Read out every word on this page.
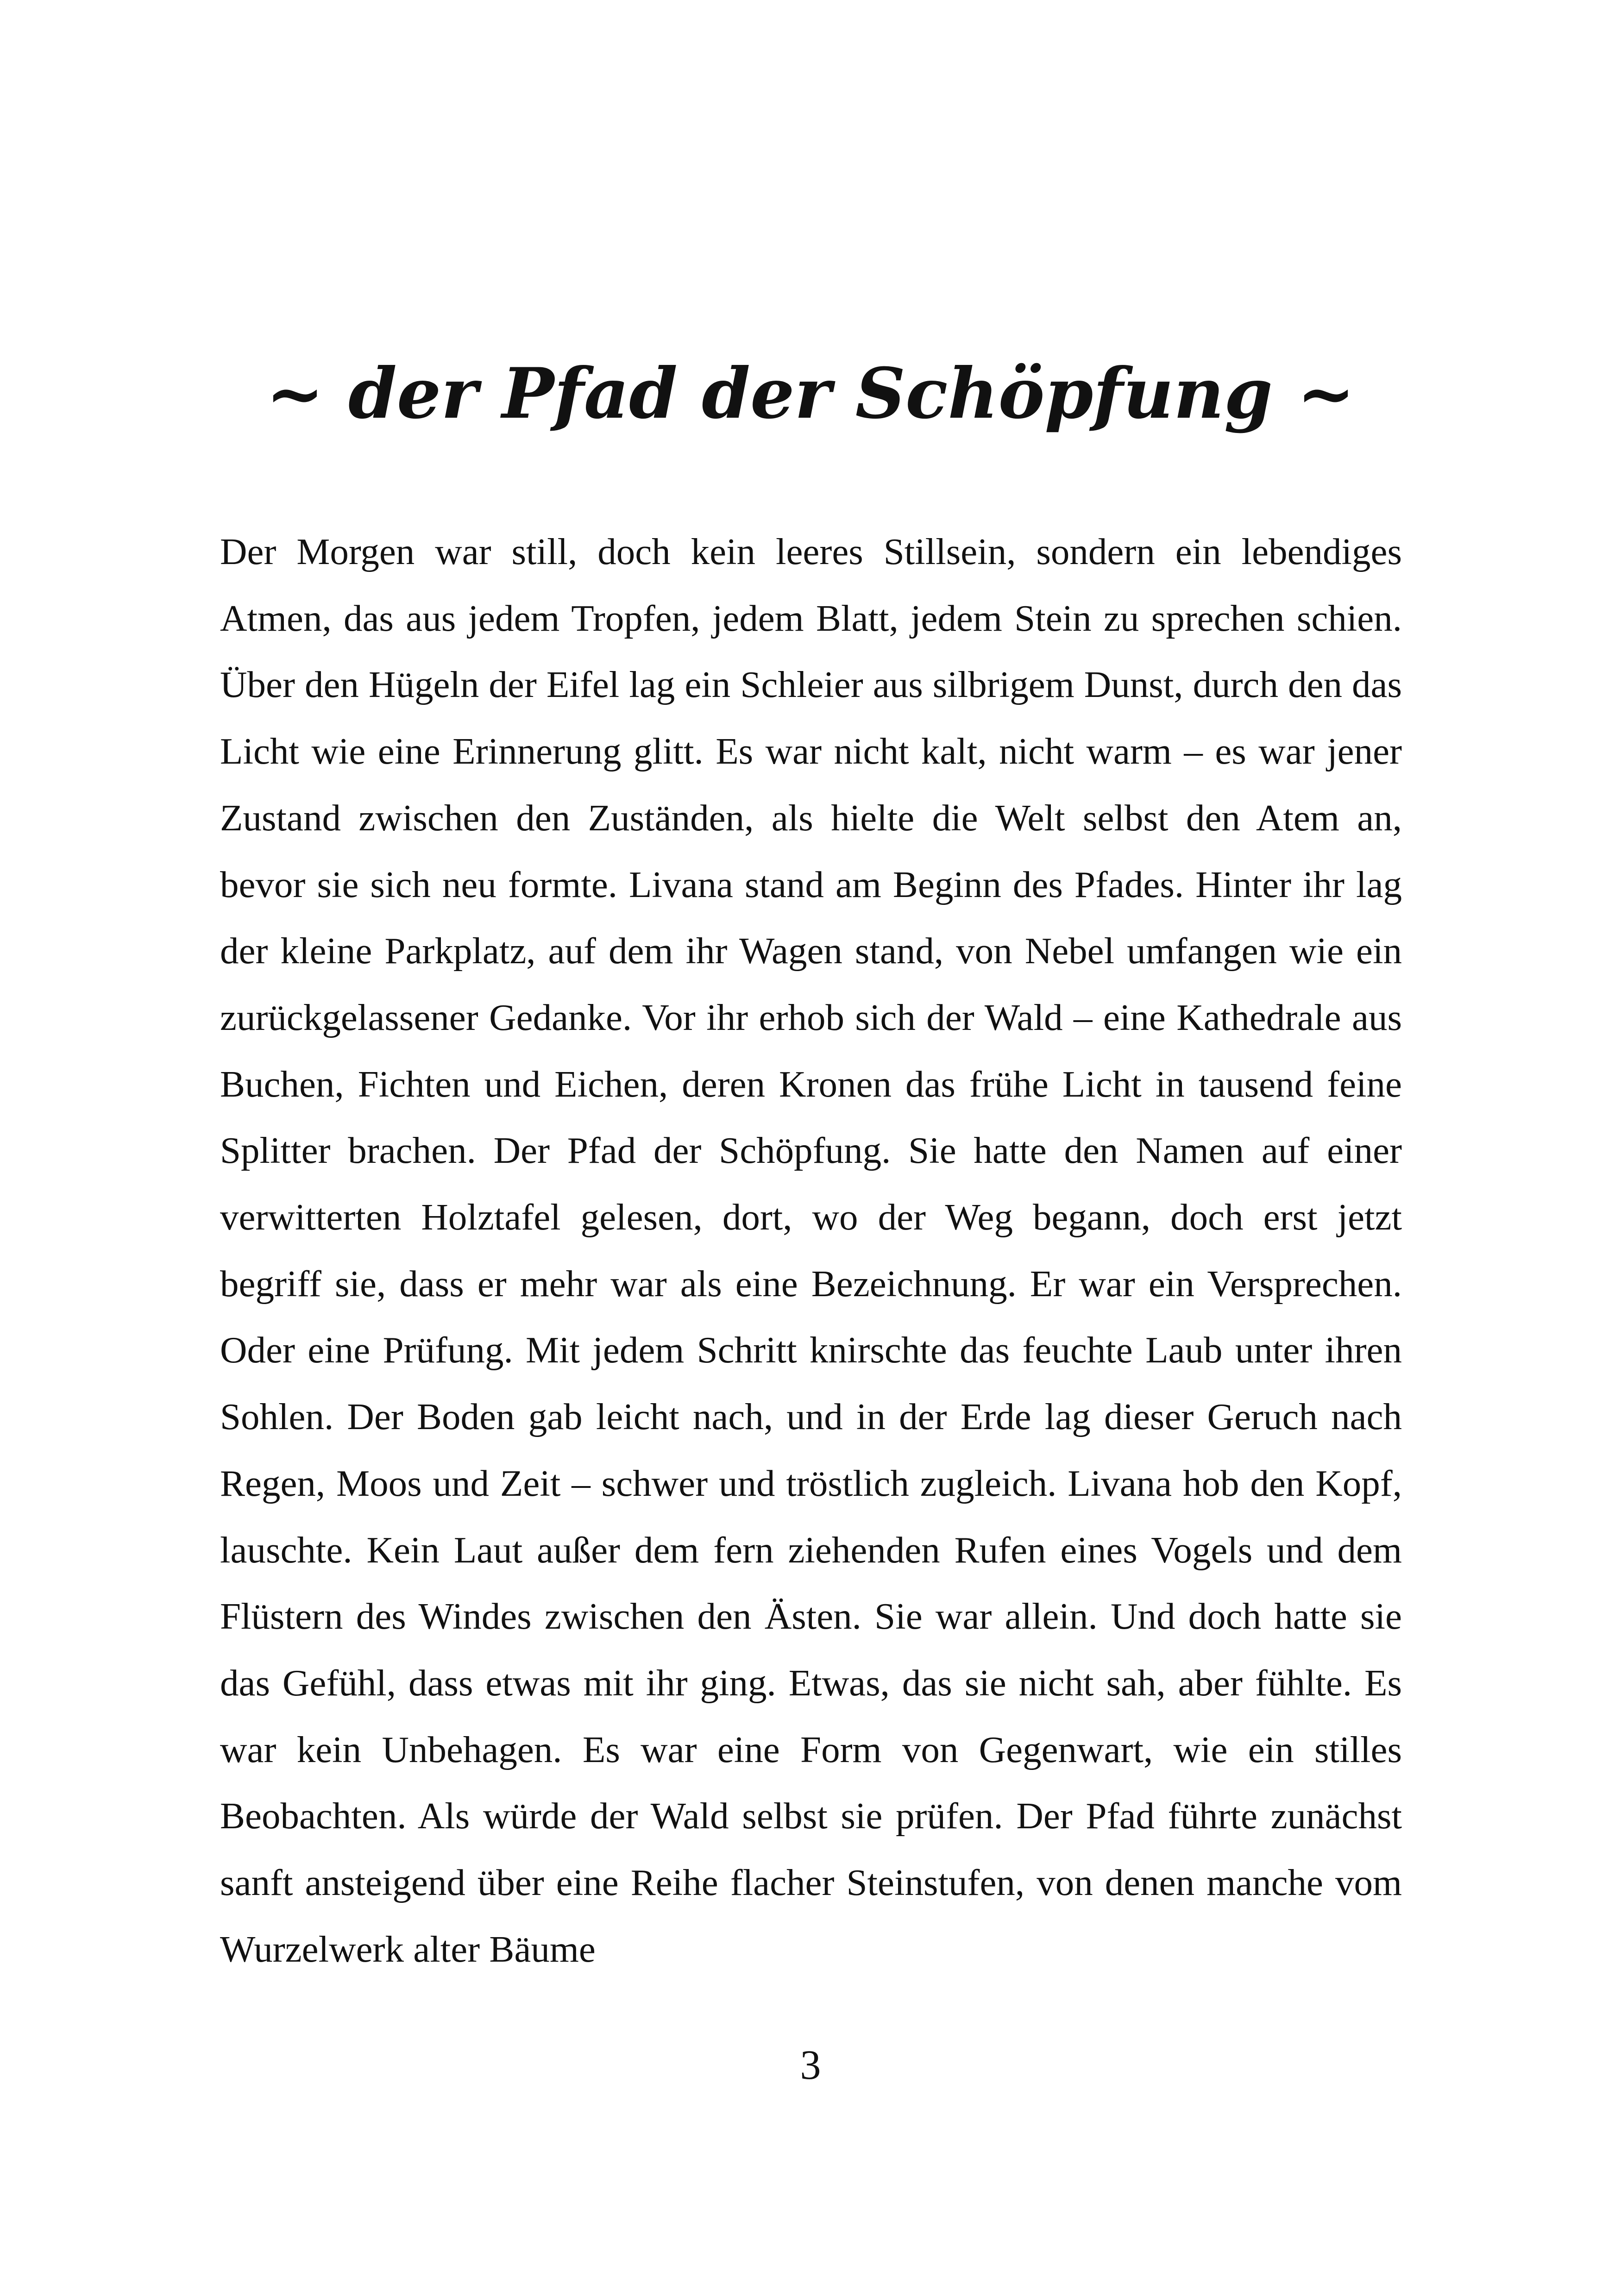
~ der Pfad der Schöpfung ~

Der Morgen war still, doch kein leeres Stillsein, sondern ein lebendiges Atmen, das aus jedem Tropfen, jedem Blatt, jedem Stein zu sprechen schien. Über den Hügeln der Eifel lag ein Schleier aus silbrigem Dunst, durch den das Licht wie eine Erinnerung glitt. Es war nicht kalt, nicht warm – es war jener Zustand zwischen den Zuständen, als hielte die Welt selbst den Atem an, bevor sie sich neu formte. Livana stand am Beginn des Pfades. Hinter ihr lag der kleine Parkplatz, auf dem ihr Wagen stand, von Nebel umfangen wie ein zurückgelassener Gedanke. Vor ihr erhob sich der Wald – eine Kathedrale aus Buchen, Fichten und Eichen, deren Kronen das frühe Licht in tausend feine Splitter brachen. Der Pfad der Schöpfung. Sie hatte den Namen auf einer verwitterten Holztafel gelesen, dort, wo der Weg begann, doch erst jetzt begriff sie, dass er mehr war als eine Bezeichnung. Er war ein Versprechen. Oder eine Prüfung. Mit jedem Schritt knirschte das feuchte Laub unter ihren Sohlen. Der Boden gab leicht nach, und in der Erde lag dieser Geruch nach Regen, Moos und Zeit – schwer und tröstlich zugleich. Livana hob den Kopf, lauschte. Kein Laut außer dem fern ziehenden Rufen eines Vogels und dem Flüstern des Windes zwischen den Ästen. Sie war allein. Und doch hatte sie das Gefühl, dass etwas mit ihr ging. Etwas, das sie nicht sah, aber fühlte. Es war kein Unbehagen. Es war eine Form von Gegenwart, wie ein stilles Beobachten. Als würde der Wald selbst sie prüfen. Der Pfad führte zunächst sanft ansteigend über eine Reihe flacher Steinstufen, von denen manche vom Wurzelwerk alter Bäume

3
